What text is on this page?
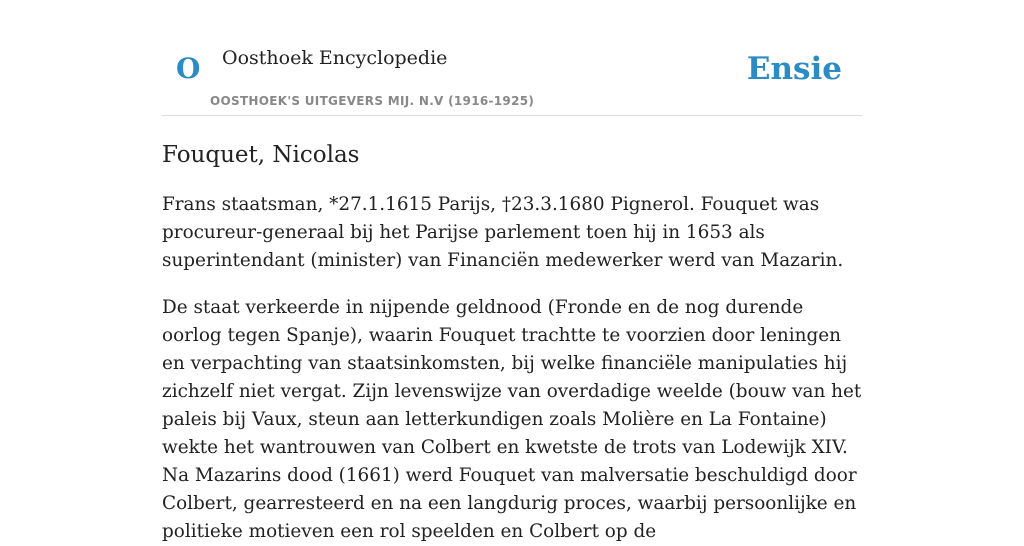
O Oosthoek Encyclopedie
OOSTHOEK'S UITGEVERS MIJ. N.V (1916-1925)
Ensie
Fouquet, Nicolas

Frans staatsman, *27.1.1615 Parijs, †23.3.1680 Pignerol. Fouquet was procureur-generaal bij het Parijse parlement toen hij in 1653 als superintendant (minister) van Financiën medewerker werd van Mazarin.

De staat verkeerde in nijpende geldnood (Fronde en de nog durende oorlog tegen Spanje), waarin Fouquet trachtte te voorzien door leningen en verpachting van staatsinkomsten, bij welke financiële manipulaties hij zichzelf niet vergat. Zijn levenswijze van overdadige weelde (bouw van het paleis bij Vaux, steun aan letterkundigen zoals Molière en La Fontaine) wekte het wantrouwen van Colbert en kwetste de trots van Lodewijk XIV. Na Mazarins dood (1661) werd Fouquet van malversatie beschuldigd door Colbert, gearresteerd en na een langdurig proces, waarbij persoonlijke en politieke motieven een rol speelden en Colbert op de
